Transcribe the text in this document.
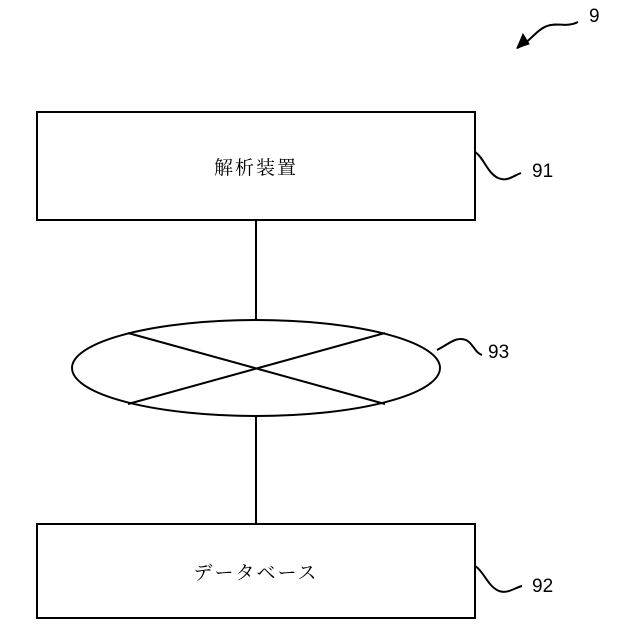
9
解析装置	91
93
データベース
92
